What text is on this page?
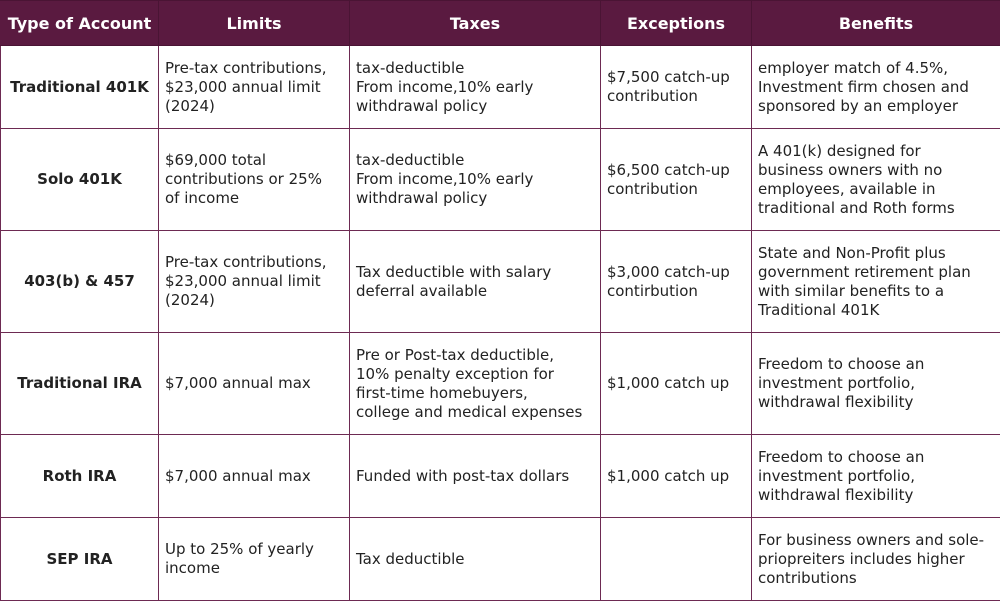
Type of Account	Limits	Taxes	Exceptions	Benefits

Traditional 401K	Pre-tax contributions,
$23,000 annual limit
(2024)	tax-deductible
From income,10% early
withdrawal policy	$7,500 catch-up
contribution	employer match of 4.5%,
Investment firm chosen and
sponsored by an employer

Solo 401K	$69,000 total
contributions or 25%
of income	tax-deductible
From income,10% early
withdrawal policy	$6,500 catch-up
contribution	A 401(k) designed for
business owners with no
employees, available in
traditional and Roth forms

403(b) & 457	Pre-tax contributions,
$23,000 annual limit
(2024)	Tax deductible with salary
deferral available	$3,000 catch-up
contirbution	State and Non-Profit plus
government retirement plan
with similar benefits to a
Traditional 401K

Traditional IRA	$7,000 annual max	Pre or Post-tax deductible,
10% penalty exception for
first-time homebuyers,
college and medical expenses	$1,000 catch up	Freedom to choose an
investment portfolio,
withdrawal flexibility

Roth IRA	$7,000 annual max	Funded with post-tax dollars	$1,000 catch up	Freedom to choose an
investment portfolio,
withdrawal flexibility

SEP IRA	Up to 25% of yearly
income	Tax deductible		For business owners and sole-
priopreiters includes higher
contributions
